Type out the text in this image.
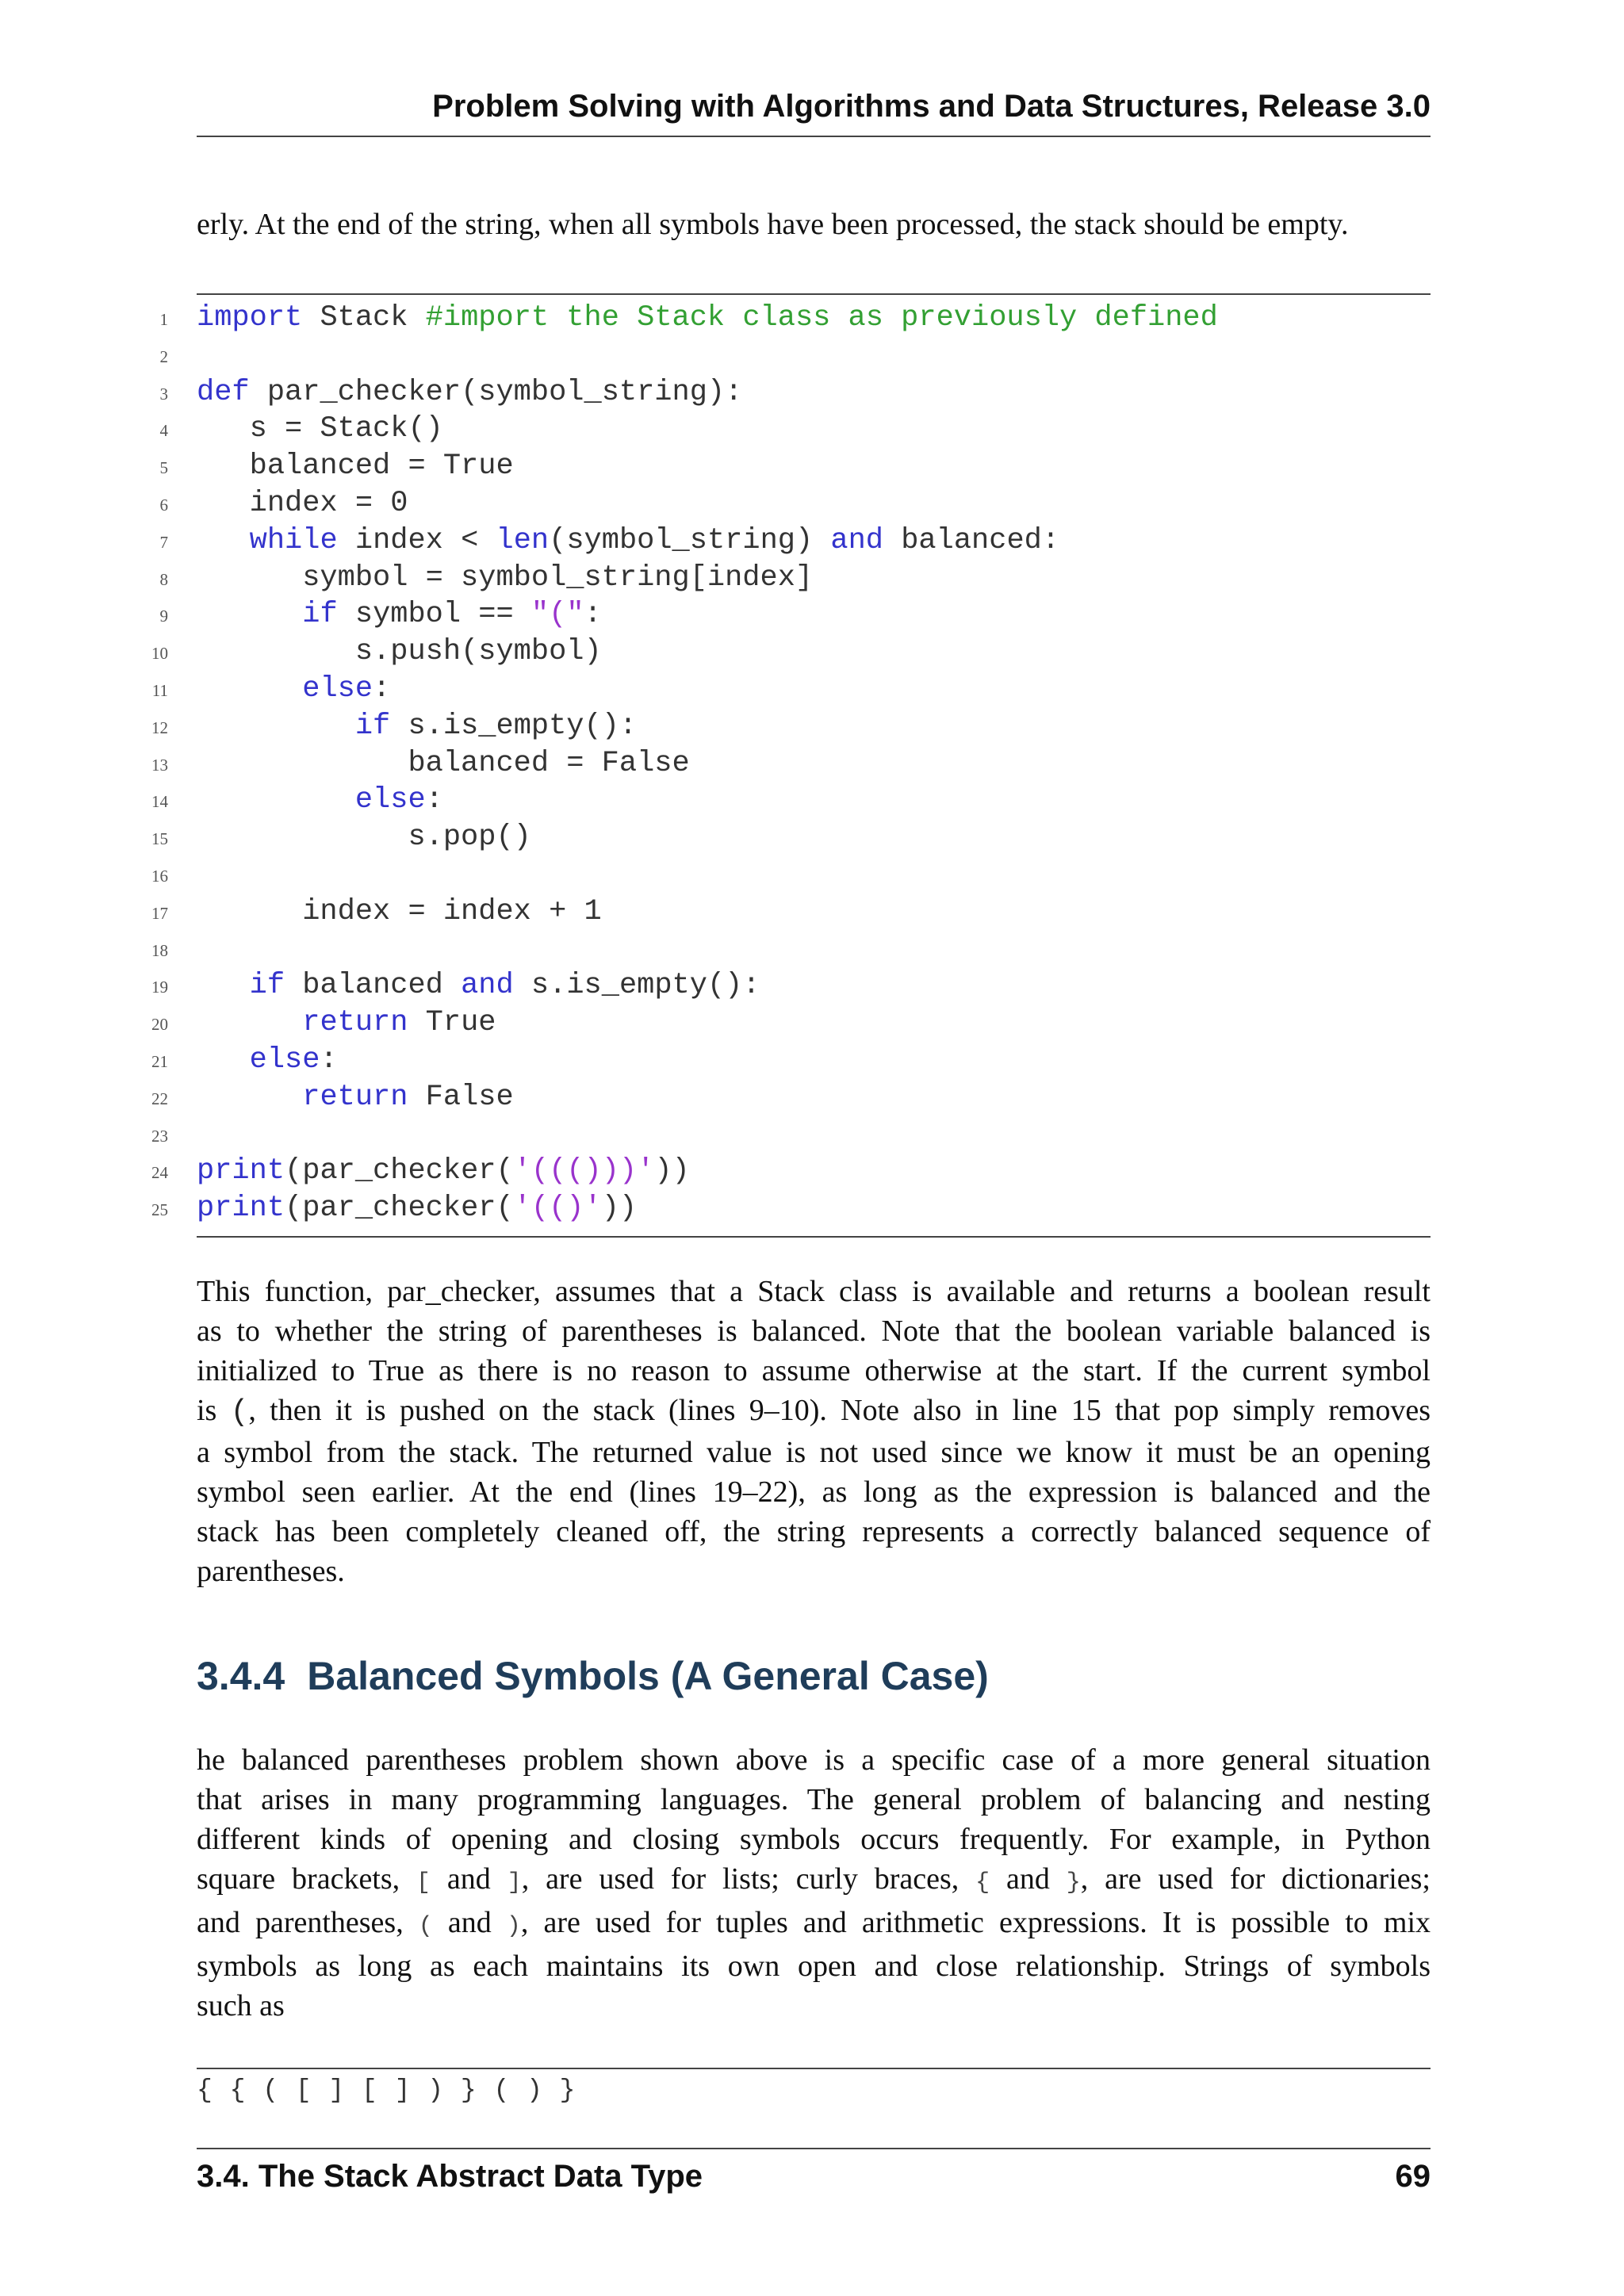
Problem Solving with Algorithms and Data Structures, Release 3.0

erly. At the end of the string, when all symbols have been processed, the stack should be empty.

1 import Stack #import the Stack class as previously defined
2
3 def par_checker(symbol_string):
4 s = Stack()
5 balanced = True
6 index = 0
7	while index < len(symbol_string) and balanced:
8 symbol = symbol_string[index]
9	if symbol == "(":
10 s.push(symbol)
11	else:
12	if s.is_empty():
13 balanced = False
14	else:
15 s.pop()
16
17 index = index + 1
18
19	if balanced and s.is_empty():
20	return True
21	else:
22	return False
23
24 print(par_checker('((()))'))
25 print(par_checker('(()'))
This function, par_checker, assumes that a Stack class is available and returns a boolean result
as to whether the string of parentheses is balanced. Note that the boolean variable balanced is
initialized to True as there is no reason to assume otherwise at the start. If the current symbol
is (, then it is pushed on the stack (lines 9–10). Note also in line 15 that pop simply removes
a symbol from the stack. The returned value is not used since we know it must be an opening
symbol seen earlier. At the end (lines 19–22), as long as the expression is balanced and the
stack has been completely cleaned off, the string represents a correctly balanced sequence of
parentheses.
3.4.4 Balanced Symbols (A General Case)
he balanced parentheses problem shown above is a specific case of a more general situation
that arises in many programming languages. The general problem of balancing and nesting
different kinds of opening and closing symbols occurs frequently. For example, in Python
square brackets, [ and ], are used for lists; curly braces, { and }, are used for dictionaries;
and parentheses, ( and ), are used for tuples and arithmetic expressions. It is possible to mix
symbols as long as each maintains its own open and close relationship. Strings of symbols
such as
{ { ( [ ] [ ] ) } ( ) }
3.4. The Stack Abstract Data Type	69
